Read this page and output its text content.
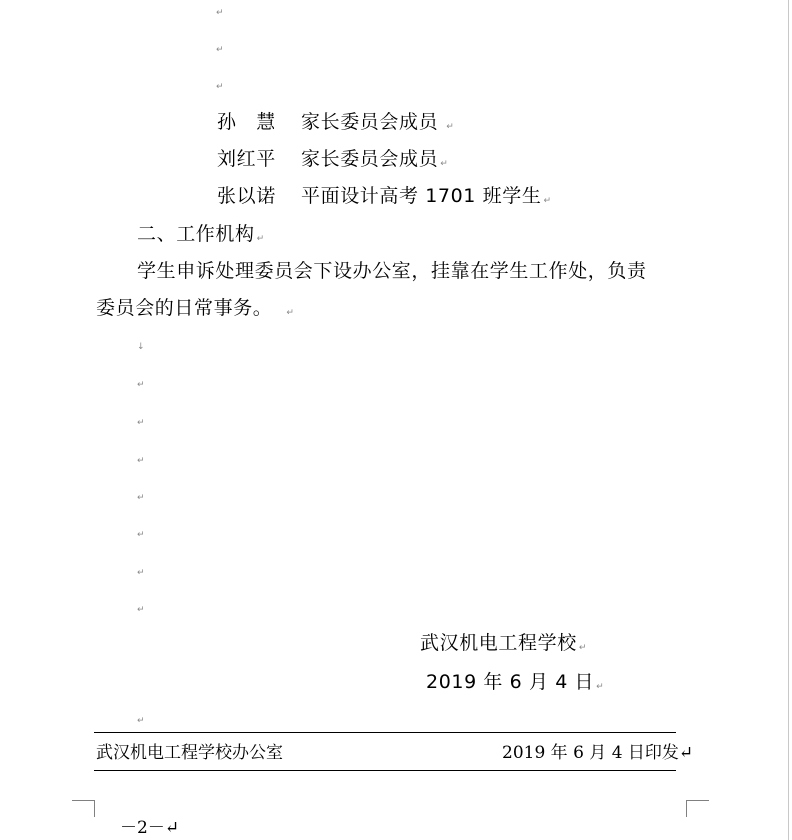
↵
↵
↵
孙　慧 家长委员会成员 ↵
刘红平 家长委员会成员 ↵
张以诺 平面设计高考 1701 班学生 ↵
二、工作机构 ↵
学生申诉处理委员会下设办公室，挂靠在学生工作处，负责
委员会的日常事务。 ↵
↓
↵
↵
↵
↵
↵
↵
↵
武汉机电工程学校 ↵
2019 年 6 月 4 日 ↵
↵
武汉机电工程学校办公室	2019 年 6 月 4 日印发↵
－2－↵
